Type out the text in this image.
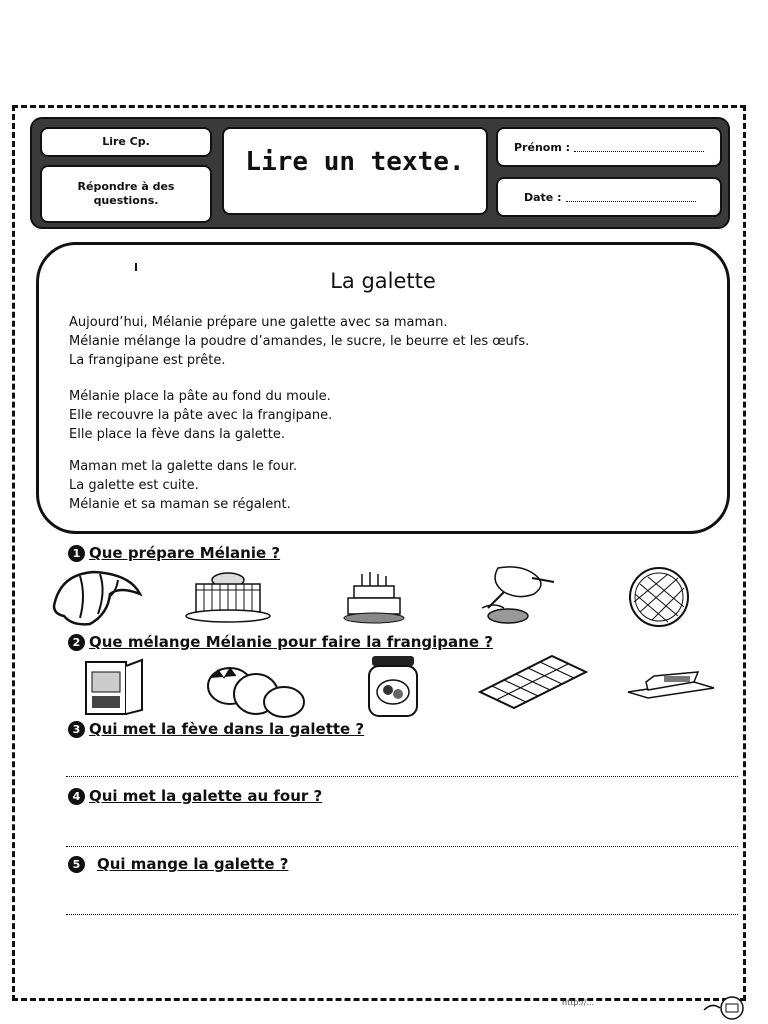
Lire Cp.
Répondre à des questions.
Lire un texte.	Prénom :
Date :
La galette
Aujourd’hui, Mélanie prépare une galette avec sa maman.
Mélanie mélange la poudre d’amandes, le sucre, le beurre et les œufs.
La frangipane est prête.
Mélanie place la pâte au fond du moule.
Elle recouvre la pâte avec la frangipane.
Elle place la fève dans la galette.
Maman met la galette dans le four.
La galette est cuite.
Mélanie et sa maman se régalent.
1 Que prépare Mélanie ?
2 Que mélange Mélanie pour faire la frangipane ?
3 Qui met la fève dans la galette ?
4 Qui met la galette au four ?
5	Qui mange la galette ?
http://...
